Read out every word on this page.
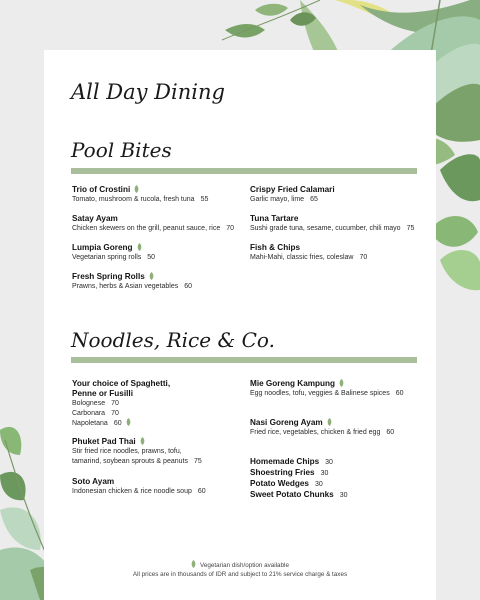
All Day Dining
Pool Bites
Trio of Crostini
Tomato, mushroom & rucola, fresh tuna 55
Satay Ayam
Chicken skewers on the grill, peanut sauce, rice 70
Lumpia Goreng
Vegetarian spring rolls 50
Fresh Spring Rolls
Prawns, herbs & Asian vegetables 60
Crispy Fried Calamari
Garlic mayo, lime 65
Tuna Tartare
Sushi grade tuna, sesame, cucumber, chili mayo 75
Fish & Chips
Mahi-Mahi, classic fries, coleslaw 70
Noodles, Rice & Co.
Your choice of Spaghetti,
Penne or Fusilli
Bolognese 70
Carbonara 70
Napoletana 60
Phuket Pad Thai
Stir fried rice noodles, prawns, tofu,
tamarind, soybean sprouts & peanuts 75
Soto Ayam
Indonesian chicken & rice noodle soup 60
Mie Goreng Kampung
Egg noodles, tofu, veggies & Balinese spices 60
Nasi Goreng Ayam
Fried rice, vegetables, chicken & fried egg 60
Homemade Chips 30
Shoestring Fries 30
Potato Wedges 30
Sweet Potato Chunks 30
Vegetarian dish/option available
All prices are in thousands of IDR and subject to 21% service charge & taxes
